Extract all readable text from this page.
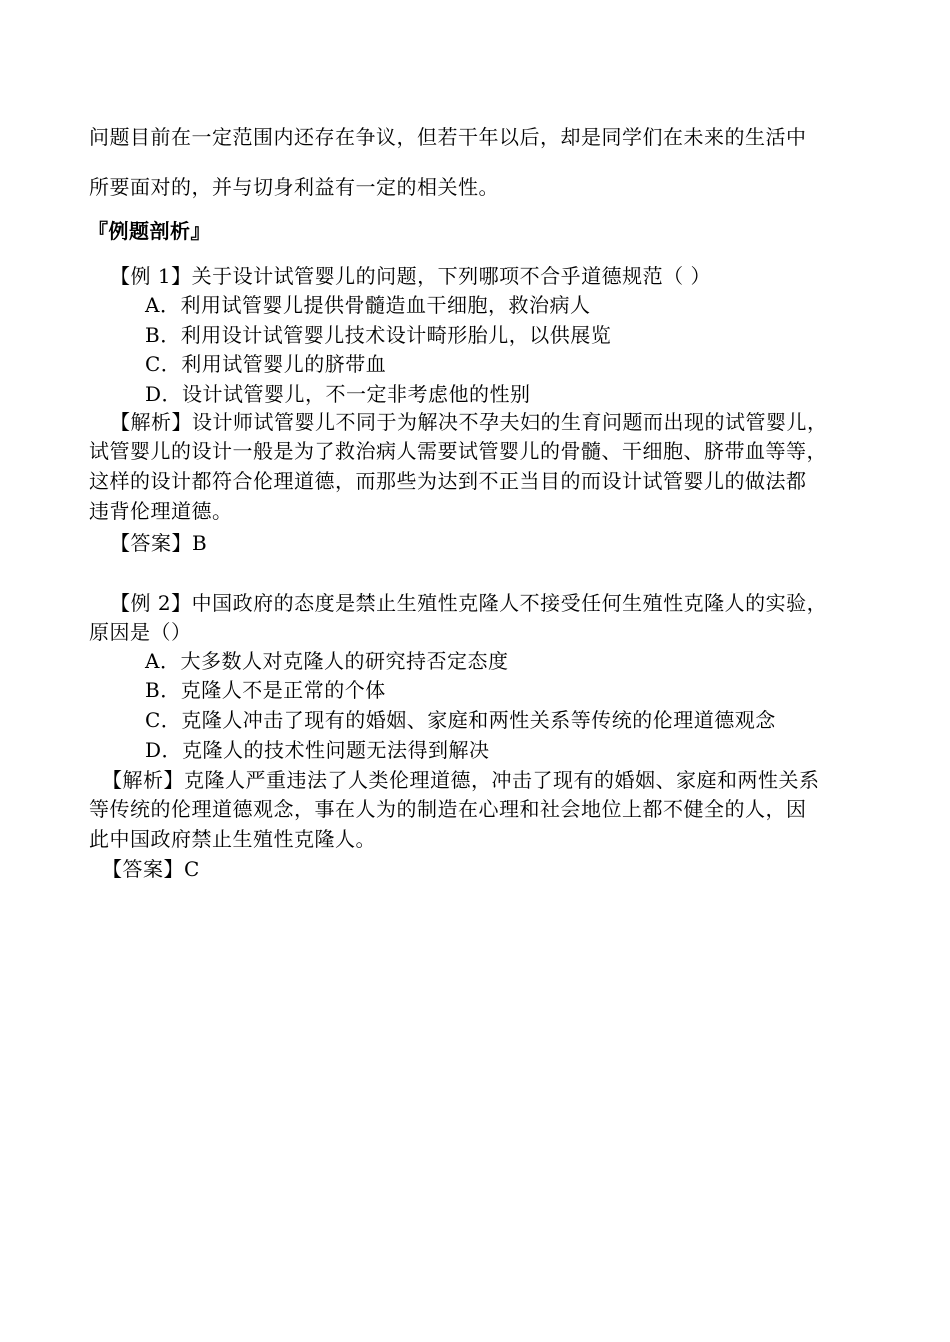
问题目前在一定范围内还存在争议，但若干年以后，却是同学们在未来的生活中
所要面对的，并与切身利益有一定的相关性。
『例题剖析』
【例 1】关于设计试管婴儿的问题，下列哪项不合乎道德规范（ ）
A．利用试管婴儿提供骨髓造血干细胞，救治病人
B．利用设计试管婴儿技术设计畸形胎儿，以供展览
C．利用试管婴儿的脐带血
D．设计试管婴儿，不一定非考虑他的性别
【解析】设计师试管婴儿不同于为解决不孕夫妇的生育问题而出现的试管婴儿，
试管婴儿的设计一般是为了救治病人需要试管婴儿的骨髓、干细胞、脐带血等等，
这样的设计都符合伦理道德，而那些为达到不正当目的而设计试管婴儿的做法都
违背伦理道德。
【答案】B
【例 2】中国政府的态度是禁止生殖性克隆人不接受任何生殖性克隆人的实验，
原因是（）
A．大多数人对克隆人的研究持否定态度
B．克隆人不是正常的个体
C．克隆人冲击了现有的婚姻、家庭和两性关系等传统的伦理道德观念
D．克隆人的技术性问题无法得到解决
【解析】克隆人严重违法了人类伦理道德，冲击了现有的婚姻、家庭和两性关系
等传统的伦理道德观念，事在人为的制造在心理和社会地位上都不健全的人，因
此中国政府禁止生殖性克隆人。
【答案】C
